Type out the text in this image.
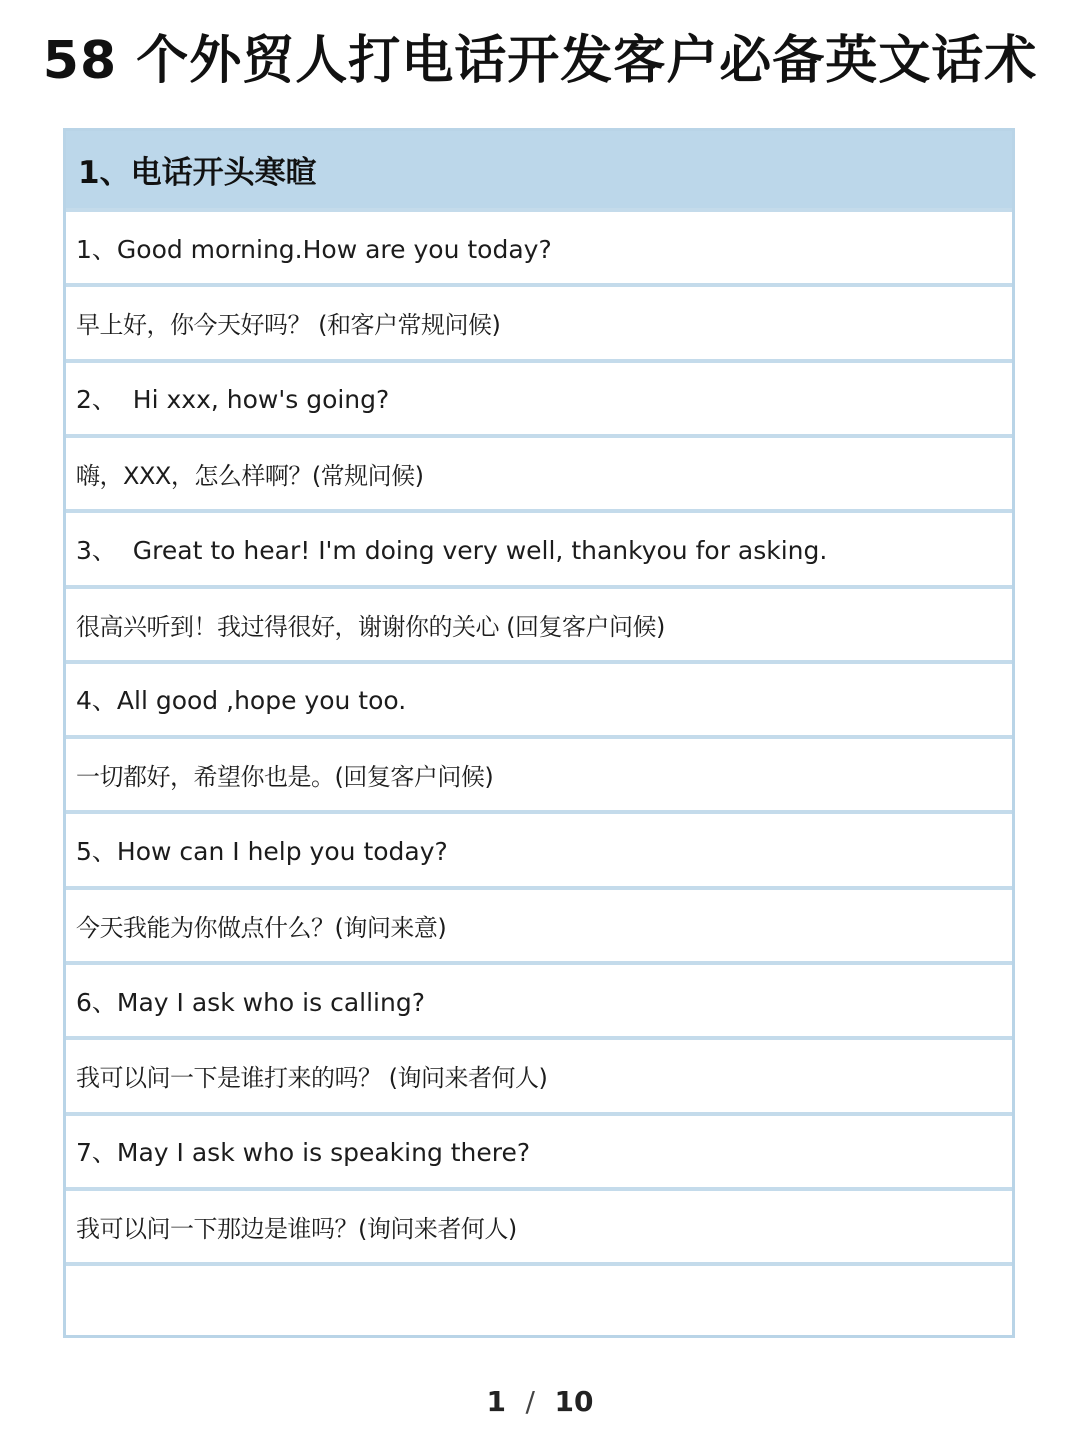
58 个外贸人打电话开发客户必备英文话术
1、电话开头寒暄
1、Good morning.How are you today?
早上好，你今天好吗？ (和客户常规问候)
2、  Hi xxx, how's going?
嗨，XXX，怎么样啊？(常规问候)
3、  Great to hear! I'm doing very well, thankyou for asking.
很高兴听到！我过得很好，谢谢你的关心 (回复客户问候)
4、All good ,hope you too.
一切都好，希望你也是。(回复客户问候)
5、How can I help you today?
今天我能为你做点什么？(询问来意)
6、May I ask who is calling?
我可以问一下是谁打来的吗？ (询问来者何人)
7、May I ask who is speaking there?
我可以问一下那边是谁吗？(询问来者何人)
1 / 10
